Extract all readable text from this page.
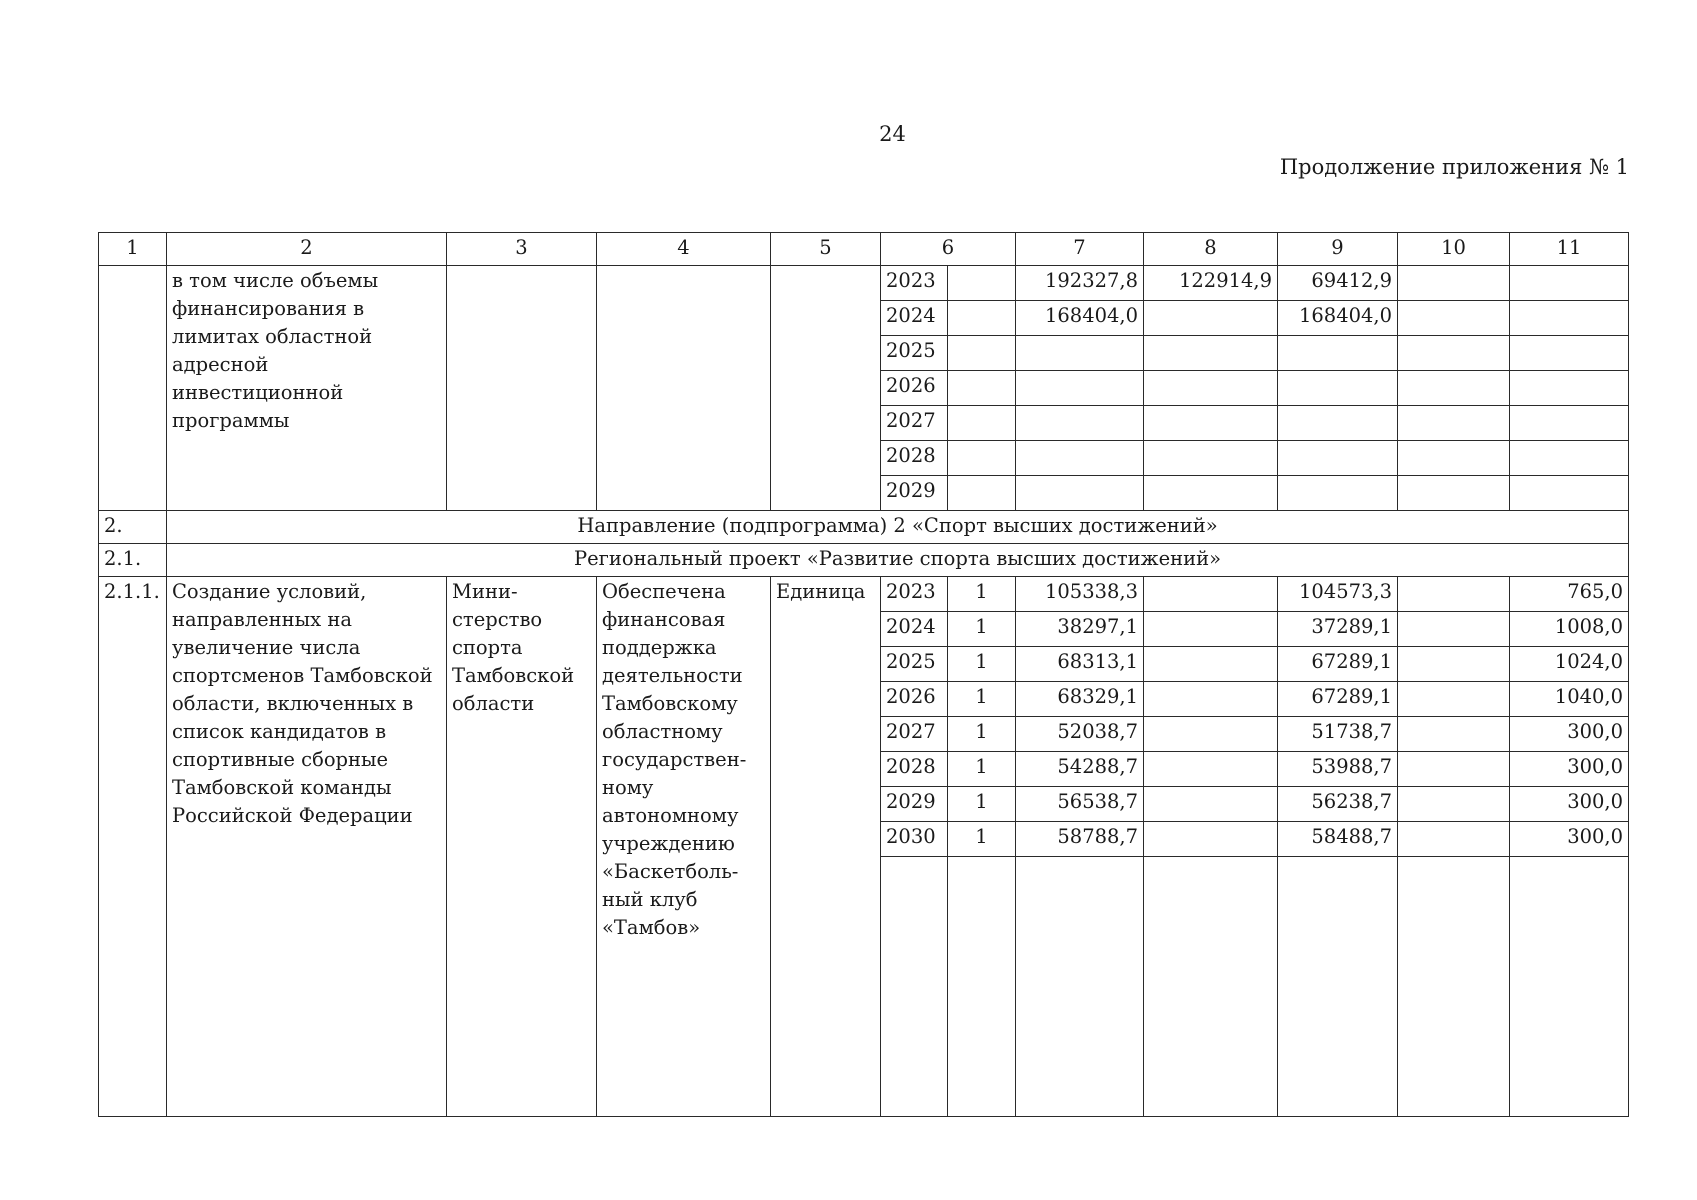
24
Продолжение приложения № 1
1	2	3	4	5	6		7	8	9	10	11
	в том числе объемы финансирования в лимитах областной адресной инвестиционной программы				2023		192327,8	122914,9	69412,9		
					2024		168404,0		168404,0		
					2025						
					2026						
					2027						
					2028						
					2029						
2.	Направление (подпрограмма) 2 «Спорт высших достижений»										
2.1.	Региональный проект «Развитие спорта высших достижений»										
2.1.1.	Создание условий, направленных на увеличение числа спортсменов Тамбовской области, включенных в список кандидатов в спортивные сборные Тамбовской команды Российской Федерации	Мини-стерство спорта Тамбовской области	Обеспечена финансовая поддержка деятельности Тамбовскому областному государствен-ному автономному учреждению «Баскетболь-ный клуб «Тамбов»	Единица	2023	1	105338,3		104573,3		765,0
					2024	1	38297,1		37289,1		1008,0
					2025	1	68313,1		67289,1		1024,0
					2026	1	68329,1		67289,1		1040,0
					2027	1	52038,7		51738,7		300,0
					2028	1	54288,7		53988,7		300,0
					2029	1	56538,7		56238,7		300,0
					2030	1	58788,7		58488,7		300,0
